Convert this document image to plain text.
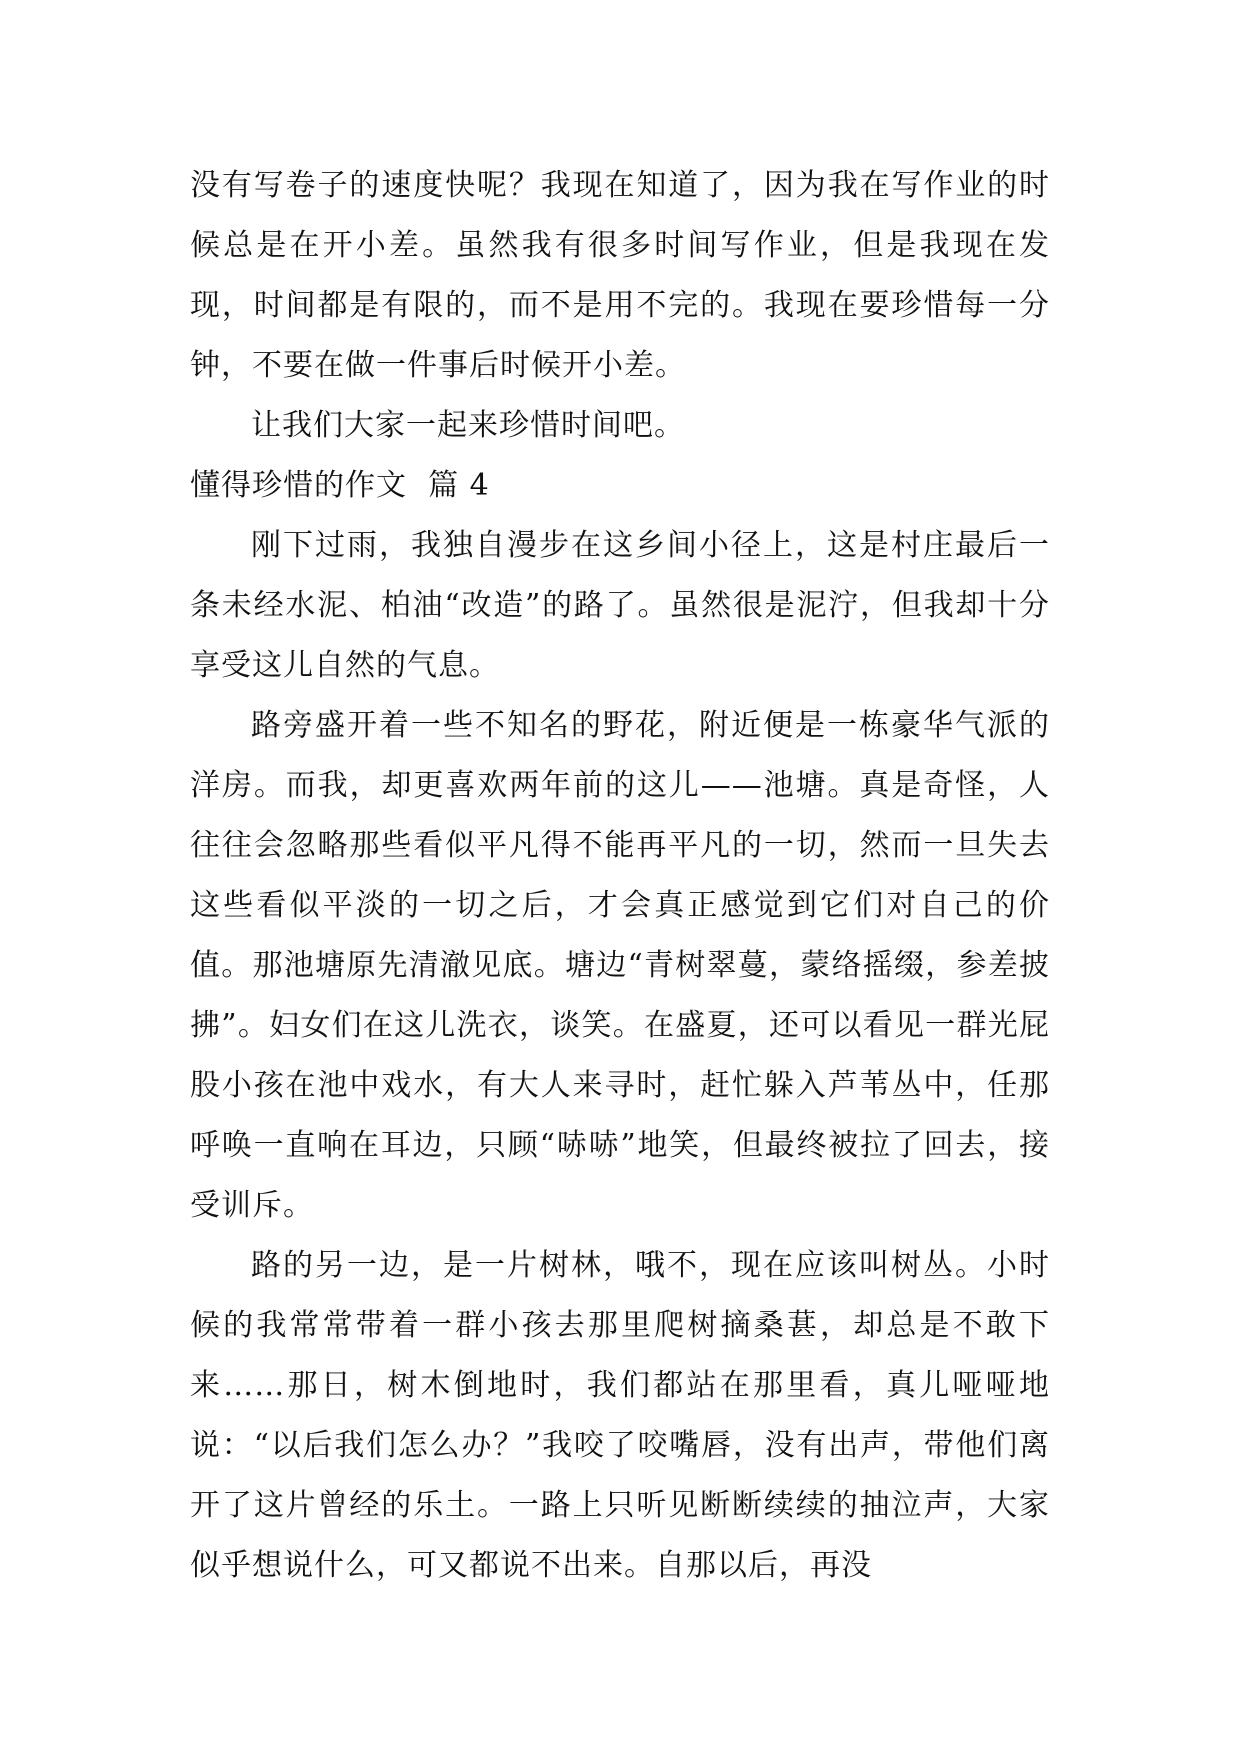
没有写卷子的速度快呢？我现在知道了，因为我在写作业的时候总是在开小差。虽然我有很多时间写作业，但是我现在发现，时间都是有限的，而不是用不完的。我现在要珍惜每一分钟，不要在做一件事后时候开小差。

让我们大家一起来珍惜时间吧。

懂得珍惜的作文  篇 4

刚下过雨，我独自漫步在这乡间小径上，这是村庄最后一条未经水泥、柏油“改造”的路了。虽然很是泥泞，但我却十分享受这儿自然的气息。

路旁盛开着一些不知名的野花，附近便是一栋豪华气派的洋房。而我，却更喜欢两年前的这儿——池塘。真是奇怪，人往往会忽略那些看似平凡得不能再平凡的一切，然而一旦失去这些看似平淡的一切之后，才会真正感觉到它们对自己的价值。那池塘原先清澈见底。塘边“青树翠蔓，蒙络摇缀，参差披拂”。妇女们在这儿洗衣，谈笑。在盛夏，还可以看见一群光屁股小孩在池中戏水，有大人来寻时，赶忙躲入芦苇丛中，任那呼唤一直响在耳边，只顾“哧哧”地笑，但最终被拉了回去，接受训斥。

路的另一边，是一片树林，哦不，现在应该叫树丛。小时候的我常常带着一群小孩去那里爬树摘桑葚，却总是不敢下来……那日，树木倒地时，我们都站在那里看，真儿哑哑地说：“以后我们怎么办？”我咬了咬嘴唇，没有出声，带他们离开了这片曾经的乐土。一路上只听见断断续续的抽泣声，大家似乎想说什么，可又都说不出来。自那以后，再没
